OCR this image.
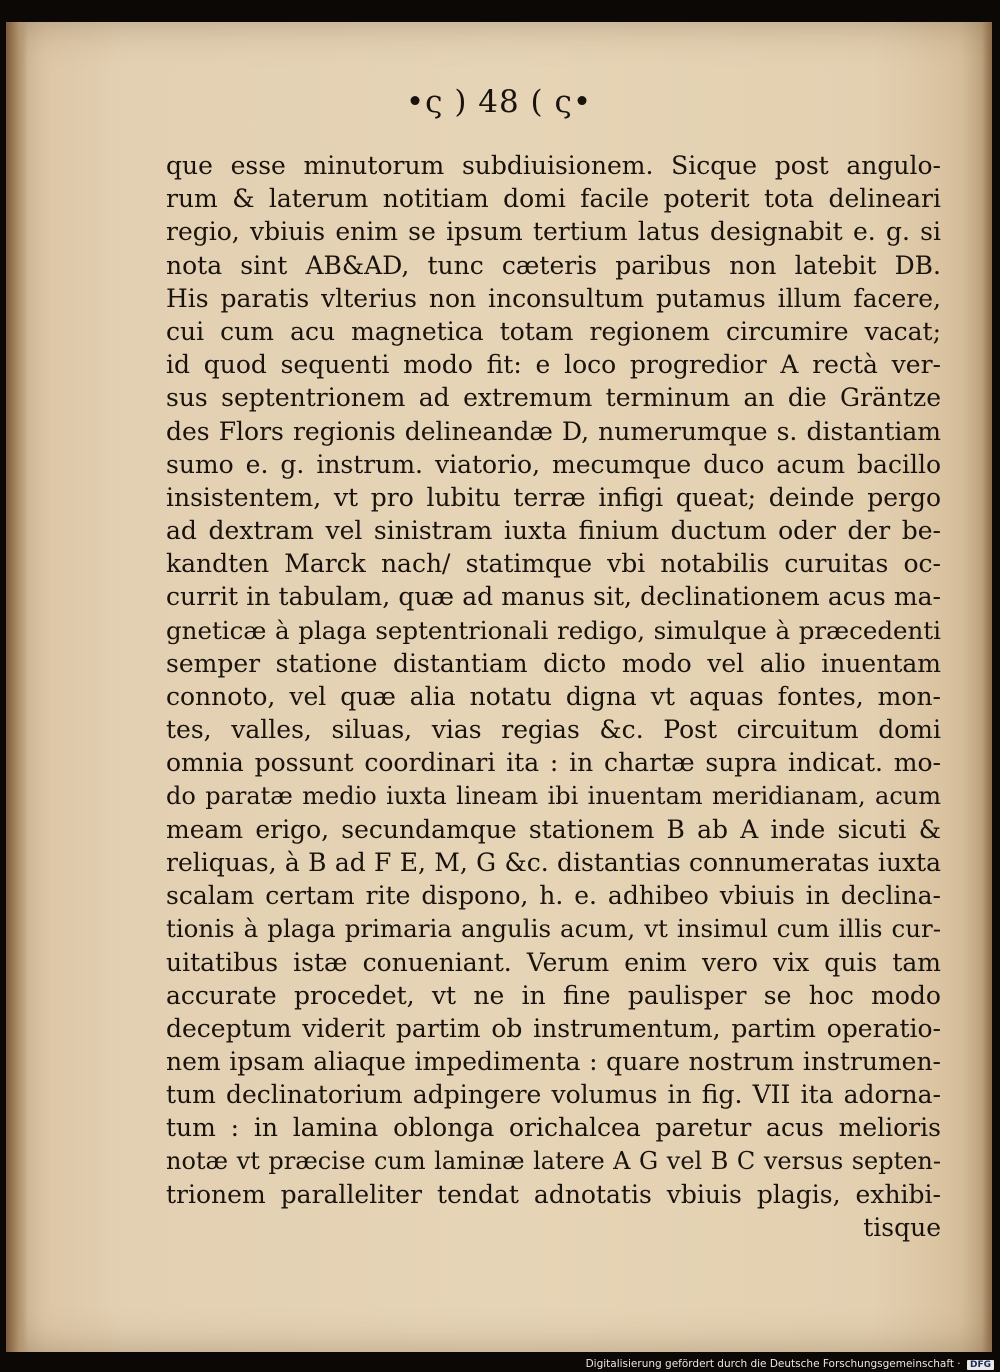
•ς ) 48 ( ς•
que esse minutorum subdiuisionem. Sicque post angulo-
rum & laterum notitiam domi facile poterit tota delineari
regio, vbiuis enim se ipsum tertium latus designabit e. g. si
nota sint AB&AD, tunc cæteris paribus non latebit DB.
His paratis vlterius non inconsultum putamus illum facere,
cui cum acu magnetica totam regionem circumire vacat;
id quod sequenti modo fit: e loco progredior A rectà ver-
sus septentrionem ad extremum terminum an die Gräntze
des Flors regionis delineandæ D, numerumque s. distantiam
sumo e. g. instrum. viatorio, mecumque duco acum bacillo
insistentem, vt pro lubitu terræ infigi queat; deinde pergo
ad dextram vel sinistram iuxta finium ductum oder der be-
kandten Marck nach/ statimque vbi notabilis curuitas oc-
currit in tabulam, quæ ad manus sit, declinationem acus ma-
gneticæ à plaga septentrionali redigo, simulque à præcedenti
semper statione distantiam dicto modo vel alio inuentam
connoto, vel quæ alia notatu digna vt aquas fontes, mon-
tes, valles, siluas, vias regias &c. Post circuitum domi
omnia possunt coordinari ita : in chartæ supra indicat. mo-
do paratæ medio iuxta lineam ibi inuentam meridianam, acum
meam erigo, secundamque stationem B ab A inde sicuti &
reliquas, à B ad F E, M, G &c. distantias connumeratas iuxta
scalam certam rite dispono, h. e. adhibeo vbiuis in declina-
tionis à plaga primaria angulis acum, vt insimul cum illis cur-
uitatibus istæ conueniant. Verum enim vero vix quis tam
accurate procedet, vt ne in fine paulisper se hoc modo
deceptum viderit partim ob instrumentum, partim operatio-
nem ipsam aliaque impedimenta : quare nostrum instrumen-
tum declinatorium adpingere volumus in fig. VII ita adorna-
tum : in lamina oblonga orichalcea paretur acus melioris
notæ vt præcise cum laminæ latere A G vel B C versus septen-
trionem paralleliter tendat adnotatis vbiuis plagis, exhibi-
tisque
Digitalisierung gefördert durch die Deutsche Forschungsgemeinschaft · DFG
